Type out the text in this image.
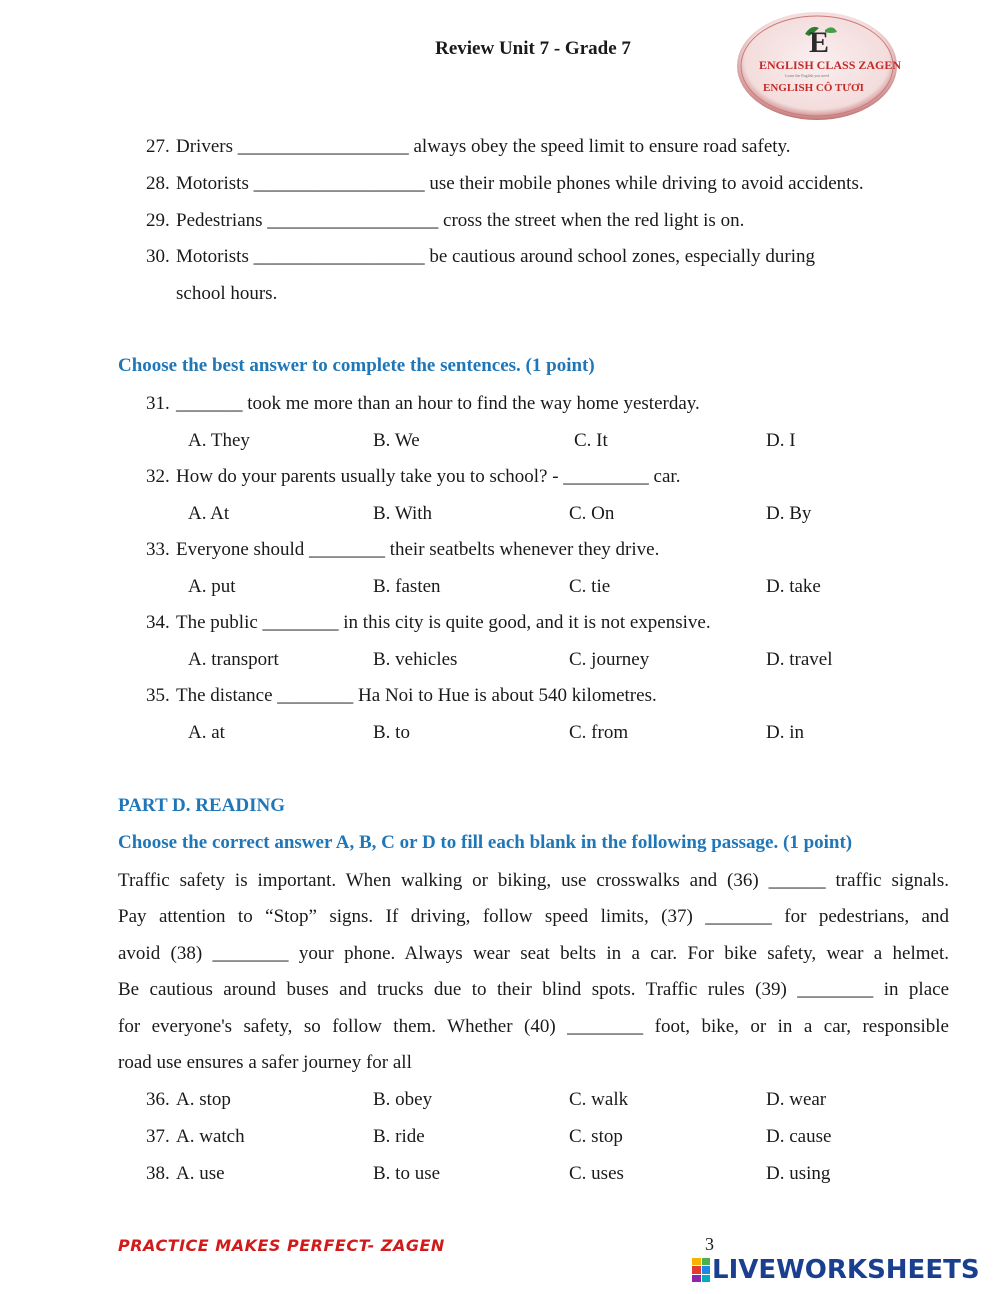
Review Unit 7 - Grade 7	E
ENGLISH CLASS ZAGEN
Learn the English you need
ENGLISH CÔ TƯƠI
27. Drivers __________________ always obey the speed limit to ensure road safety.
28. Motorists __________________ use their mobile phones while driving to avoid accidents.
29. Pedestrians __________________ cross the street when the red light is on.
30. Motorists __________________ be cautious around school zones, especially during
school hours.
Choose the best answer to complete the sentences. (1 point)
31. _______ took me more than an hour to find the way home yesterday.
A. They	B. We	C. It	D. I
32. How do your parents usually take you to school? - _________ car.
A. At	B. With	C. On	D. By
33. Everyone should ________ their seatbelts whenever they drive.
A. put	B. fasten	C. tie	D. take
34. The public ________ in this city is quite good, and it is not expensive.
A. transport	B. vehicles	C. journey	D. travel
35. The distance ________ Ha Noi to Hue is about 540 kilometres.
A. at	B. to	C. from	D. in
PART D. READING
Choose the correct answer A, B, C or D to fill each blank in the following passage. (1 point)
Traffic safety is important. When walking or biking, use crosswalks and (36) ______ traffic signals.
Pay attention to “Stop” signs. If driving, follow speed limits, (37) _______ for pedestrians, and
avoid (38) ________ your phone. Always wear seat belts in a car. For bike safety, wear a helmet.
Be cautious around buses and trucks due to their blind spots. Traffic rules (39) ________ in place
for everyone's safety, so follow them. Whether (40) ________ foot, bike, or in a car, responsible
road use ensures a safer journey for all
36. A. stop	B. obey	C. walk	D. wear
37. A. watch	B. ride	C. stop	D. cause
38. A. use	B. to use	C. uses	D. using
PRACTICE MAKES PERFECT- ZAGEN	3
LIVEWORKSHEETS
